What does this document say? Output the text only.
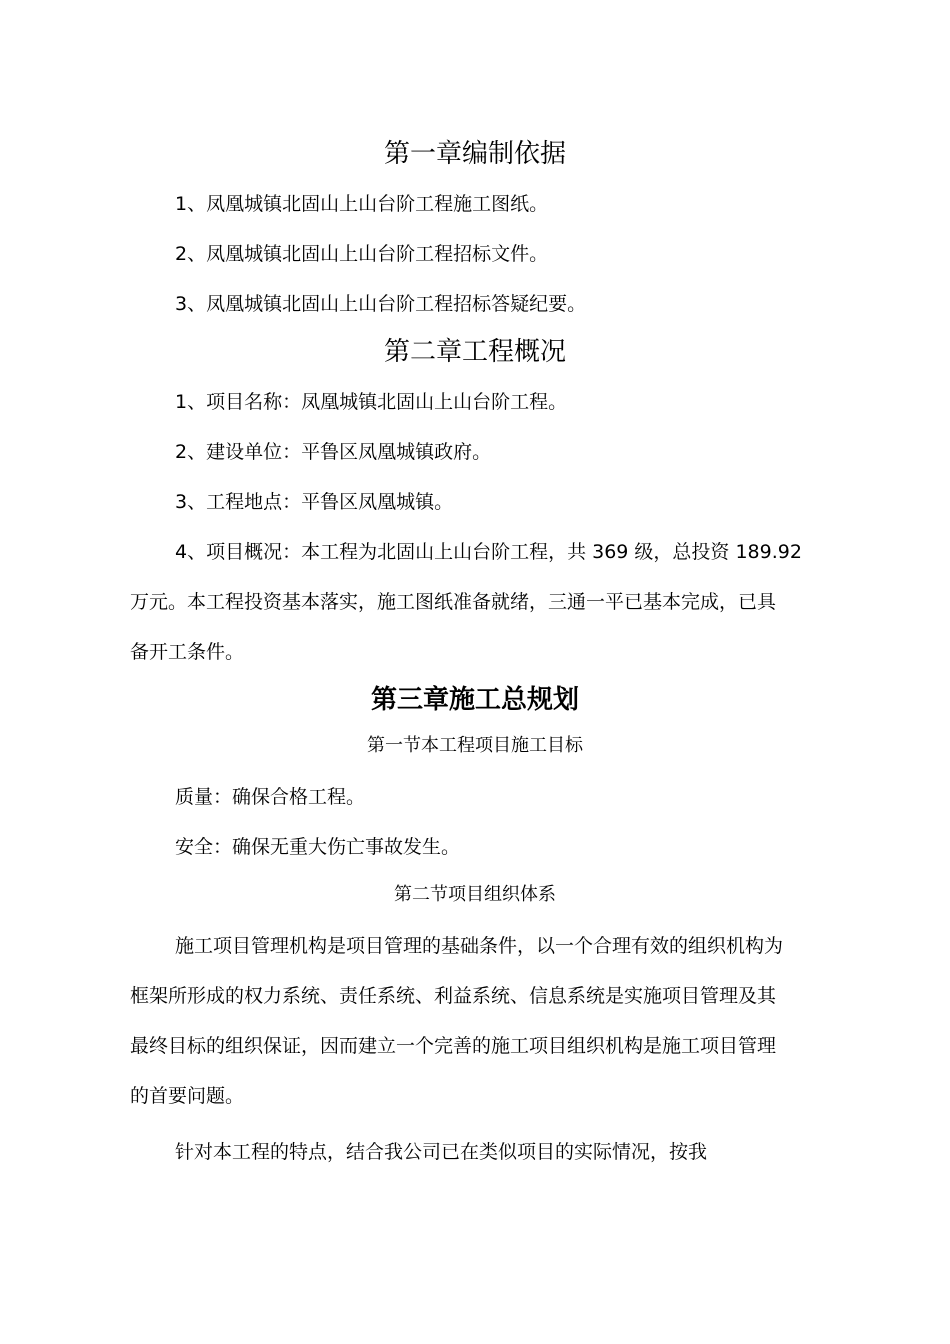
第一章编制依据
1、凤凰城镇北固山上山台阶工程施工图纸。
2、凤凰城镇北固山上山台阶工程招标文件。
3、凤凰城镇北固山上山台阶工程招标答疑纪要。
第二章工程概况
1、项目名称：凤凰城镇北固山上山台阶工程。
2、建设单位：平鲁区凤凰城镇政府。
3、工程地点：平鲁区凤凰城镇。
4、项目概况：本工程为北固山上山台阶工程，共 369 级，总投资 189.92
万元。本工程投资基本落实，施工图纸准备就绪，三通一平已基本完成，已具
备开工条件。
第三章施工总规划
第一节本工程项目施工目标
质量：确保合格工程。
安全：确保无重大伤亡事故发生。
第二节项目组织体系
施工项目管理机构是项目管理的基础条件，以一个合理有效的组织机构为
框架所形成的权力系统、责任系统、利益系统、信息系统是实施项目管理及其
最终目标的组织保证，因而建立一个完善的施工项目组织机构是施工项目管理
的首要问题。
针对本工程的特点，结合我公司已在类似项目的实际情况，按我
